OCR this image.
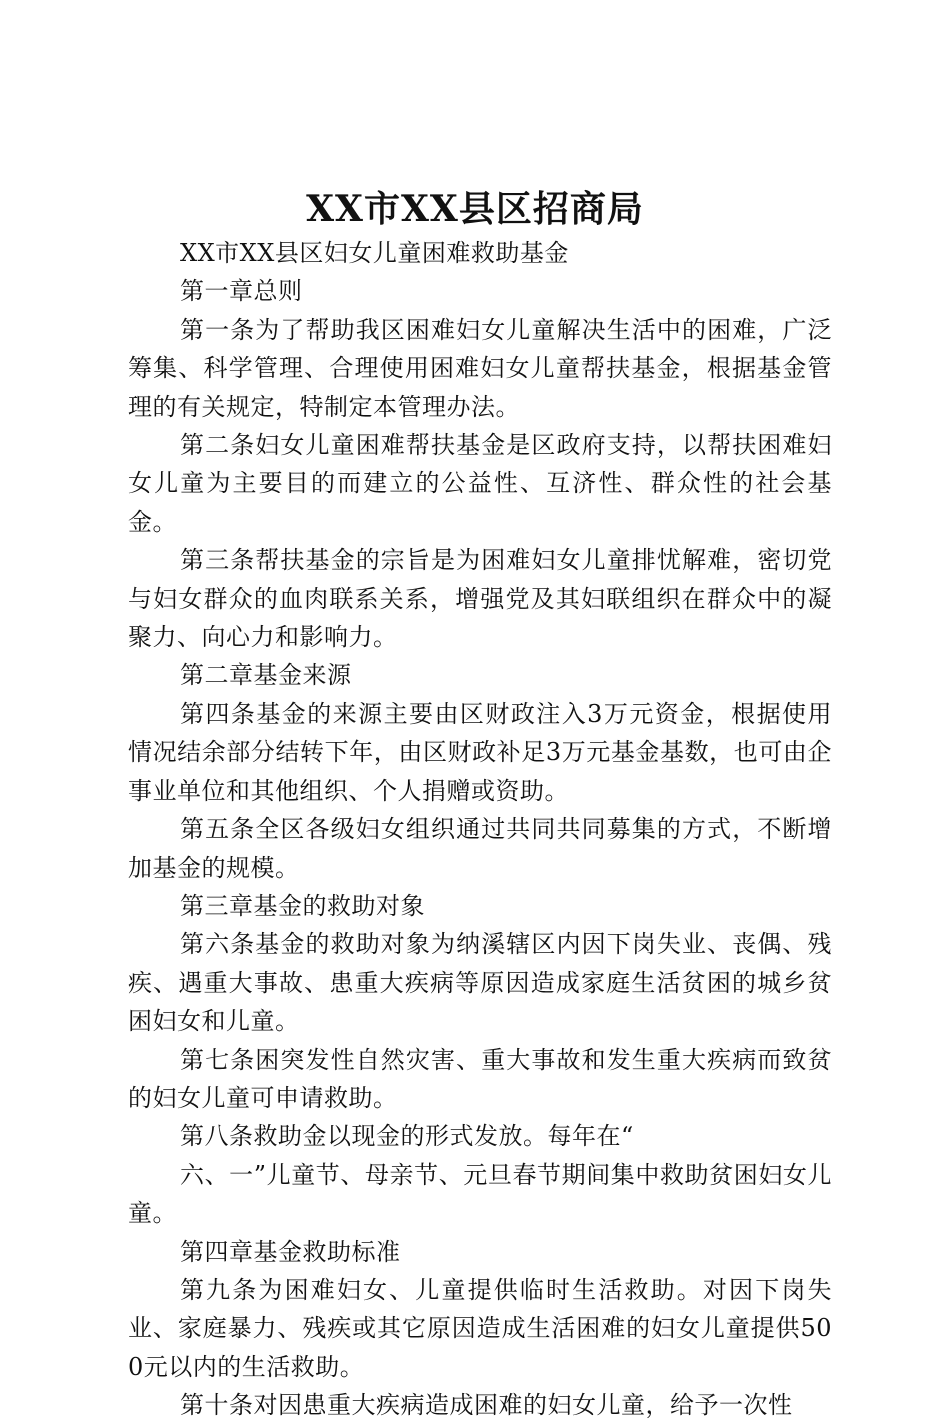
XX市XX县区招商局

XX市XX县区妇女儿童困难救助基金

第一章总则

第一条为了帮助我区困难妇女儿童解决生活中的困难，广泛筹集、科学管理、合理使用困难妇女儿童帮扶基金，根据基金管理的有关规定，特制定本管理办法。

第二条妇女儿童困难帮扶基金是区政府支持，以帮扶困难妇女儿童为主要目的而建立的公益性、互济性、群众性的社会基金。

第三条帮扶基金的宗旨是为困难妇女儿童排忧解难，密切党与妇女群众的血肉联系关系，增强党及其妇联组织在群众中的凝聚力、向心力和影响力。

第二章基金来源

第四条基金的来源主要由区财政注入3万元资金，根据使用情况结余部分结转下年，由区财政补足3万元基金基数，也可由企事业单位和其他组织、个人捐赠或资助。

第五条全区各级妇女组织通过共同共同募集的方式，不断增加基金的规模。

第三章基金的救助对象

第六条基金的救助对象为纳溪辖区内因下岗失业、丧偶、残疾、遇重大事故、患重大疾病等原因造成家庭生活贫困的城乡贫困妇女和儿童。

第七条困突发性自然灾害、重大事故和发生重大疾病而致贫的妇女儿童可申请救助。

第八条救助金以现金的形式发放。每年在“

六、一”儿童节、母亲节、元旦春节期间集中救助贫困妇女儿童。

第四章基金救助标准

第九条为困难妇女、儿童提供临时生活救助。对因下岗失业、家庭暴力、残疾或其它原因造成生活困难的妇女儿童提供500元以内的生活救助。

第十条对因患重大疾病造成困难的妇女儿童，给予一次性
